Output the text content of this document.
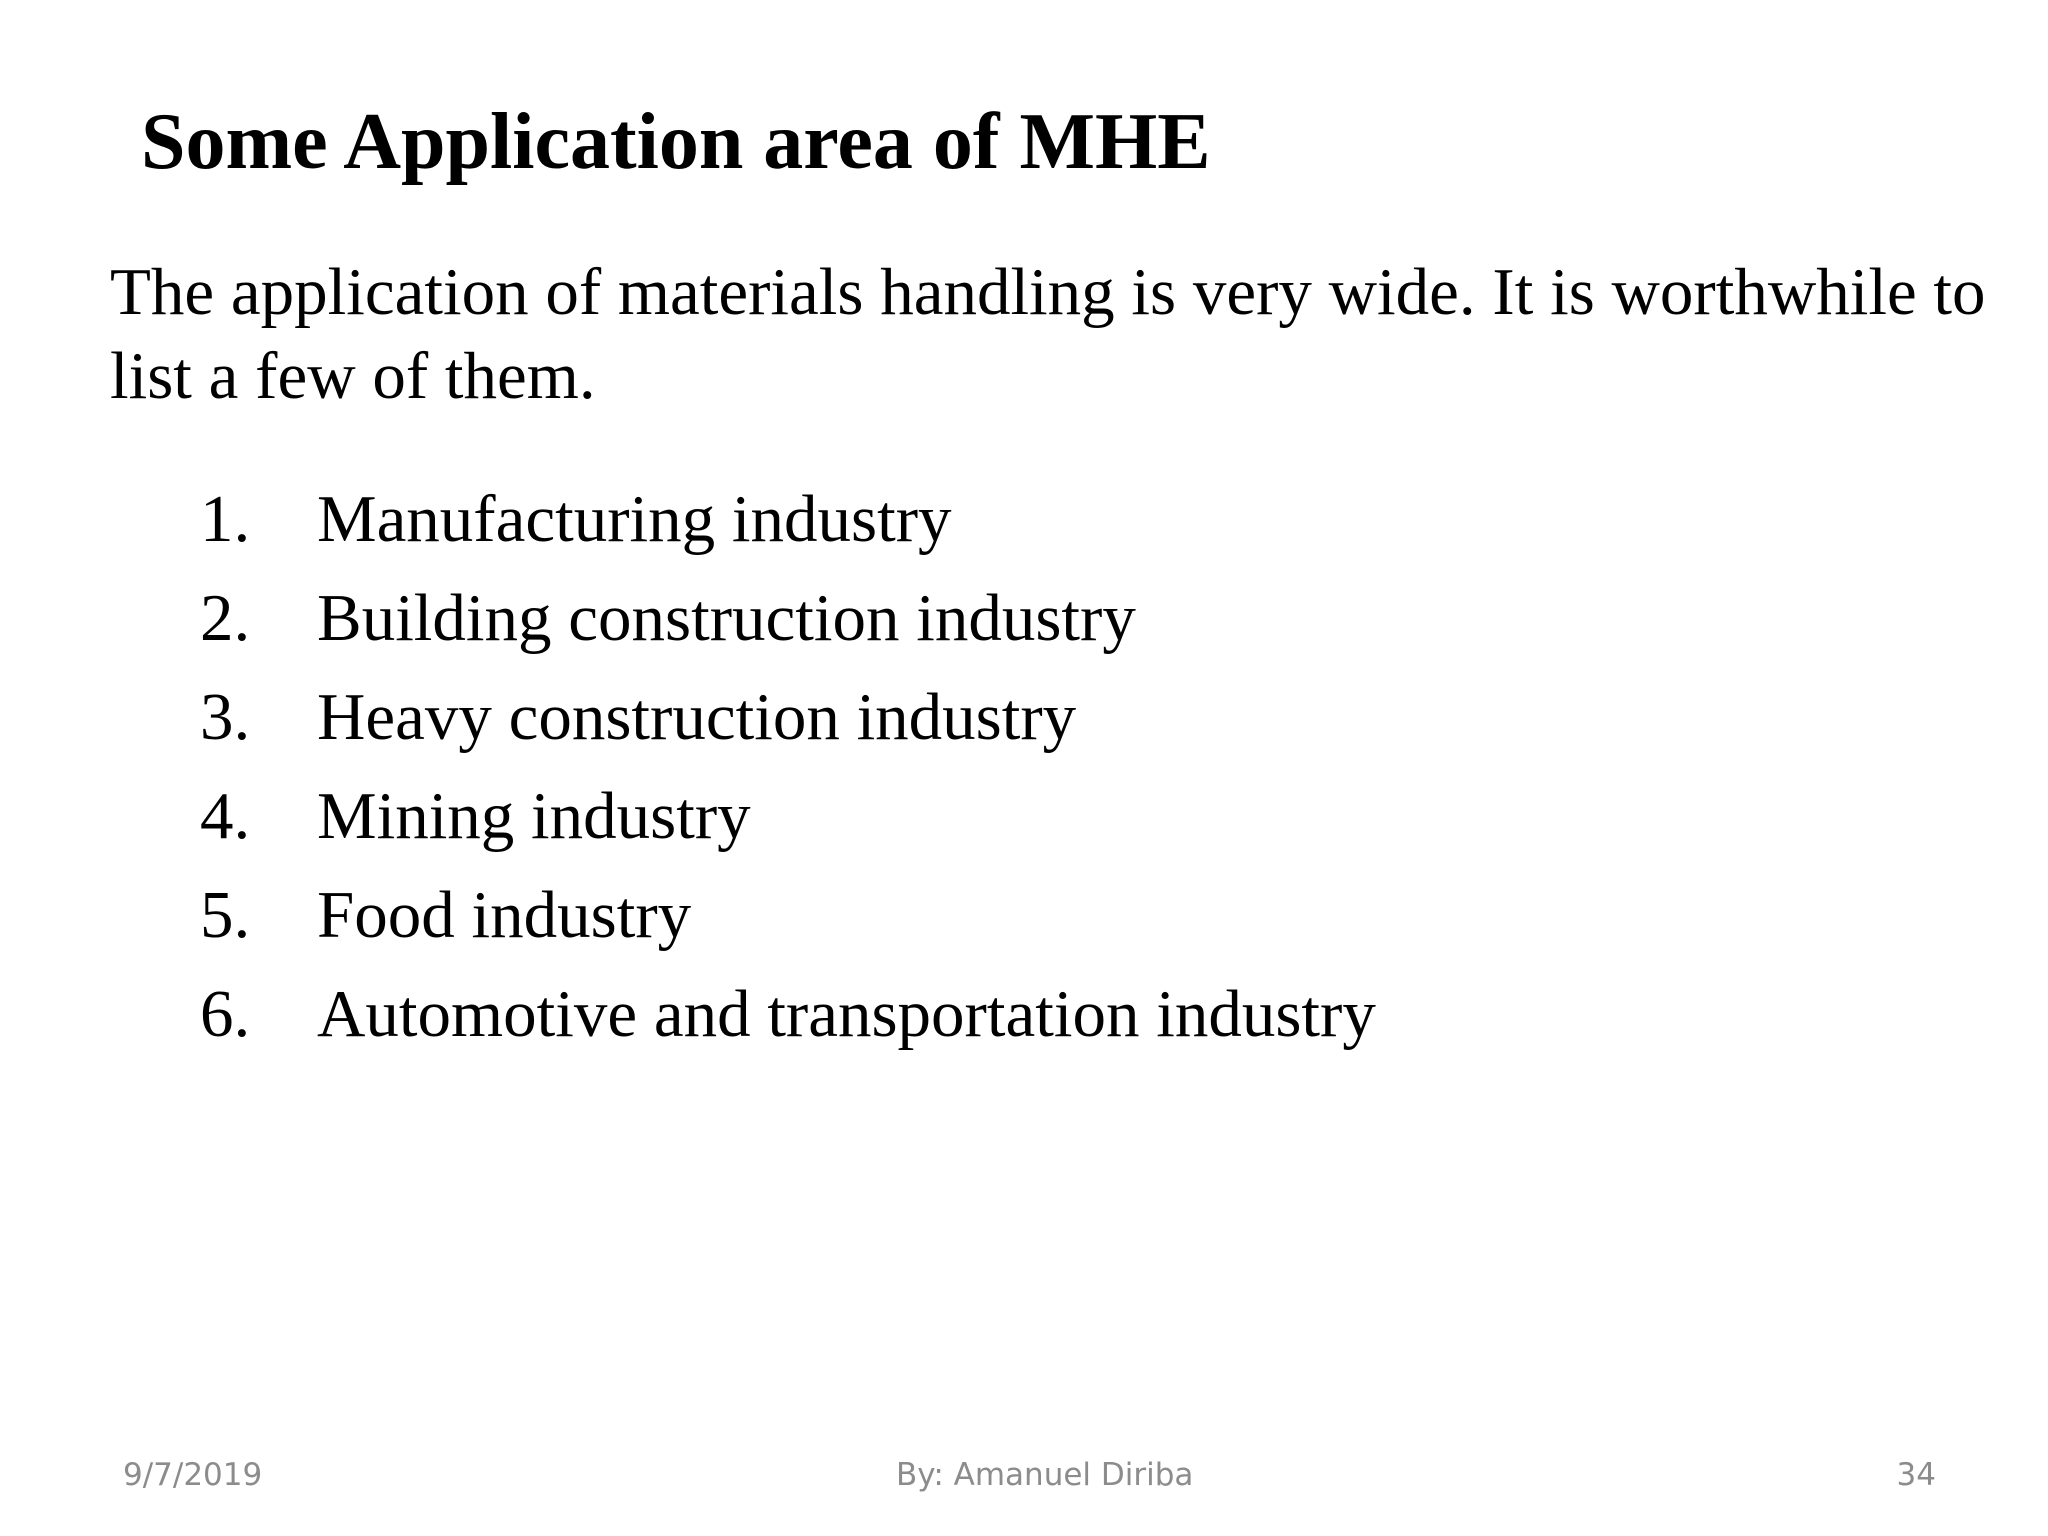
Some Application area of MHE
The application of materials handling is very wide. It is worthwhile to list a few of them.
1. Manufacturing industry
2. Building construction industry
3. Heavy construction industry
4. Mining industry
5. Food industry
6. Automotive and transportation industry
9/7/2019	By: Amanuel Diriba	34
